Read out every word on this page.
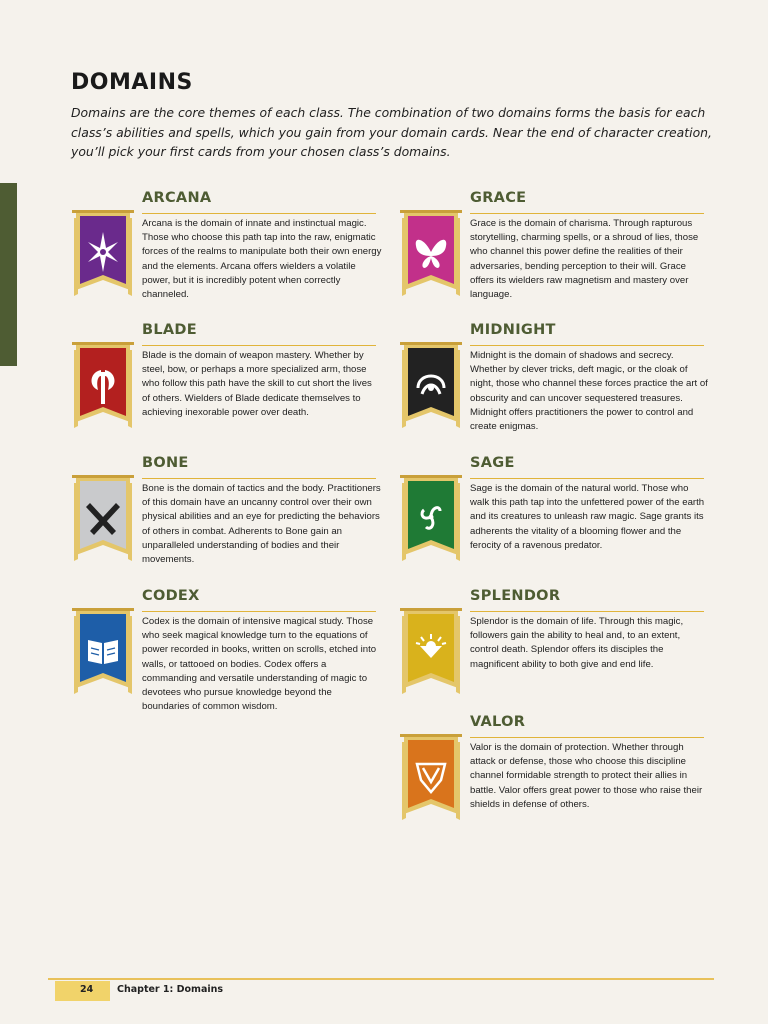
DOMAINS

Domains are the core themes of each class. The combination of two domains forms the basis for each class’s abilities and spells, which you gain from your domain cards. Near the end of character creation, you’ll pick your first cards from your chosen class’s domains.

ARCANA

Arcana is the domain of innate and instinctual magic. Those who choose this path tap into the raw, enigmatic forces of the realms to manipulate both their own energy and the elements. Arcana offers wielders a volatile power, but it is incredibly potent when correctly channeled.

GRACE

Grace is the domain of charisma. Through rapturous storytelling, charming spells, or a shroud of lies, those who channel this power define the realities of their adversaries, bending perception to their will. Grace offers its wielders raw magnetism and mastery over language.

BLADE

Blade is the domain of weapon mastery. Whether by steel, bow, or perhaps a more specialized arm, those who follow this path have the skill to cut short the lives of others. Wielders of Blade dedicate themselves to achieving inexorable power over death.

MIDNIGHT

Midnight is the domain of shadows and secrecy. Whether by clever tricks, deft magic, or the cloak of night, those who channel these forces practice the art of obscurity and can uncover sequestered treasures. Midnight offers practitioners the power to control and create enigmas.

BONE

Bone is the domain of tactics and the body. Practitioners of this domain have an uncanny control over their own physical abilities and an eye for predicting the behaviors of others in combat. Adherents to Bone gain an unparalleled understanding of bodies and their movements.

SAGE

Sage is the domain of the natural world. Those who walk this path tap into the unfettered power of the earth and its creatures to unleash raw magic. Sage grants its adherents the vitality of a blooming flower and the ferocity of a ravenous predator.

CODEX

Codex is the domain of intensive magical study. Those who seek magical knowledge turn to the equations of power recorded in books, written on scrolls, etched into walls, or tattooed on bodies. Codex offers a commanding and versatile understanding of magic to devotees who pursue knowledge beyond the boundaries of common wisdom.

SPLENDOR

Splendor is the domain of life. Through this magic, followers gain the ability to heal and, to an extent, control death. Splendor offers its disciples the magnificent ability to both give and end life.

VALOR

Valor is the domain of protection. Whether through attack or defense, those who choose this discipline channel formidable strength to protect their allies in battle. Valor offers great power to those who raise their shields in defense of others.

24	Chapter 1: Domains
